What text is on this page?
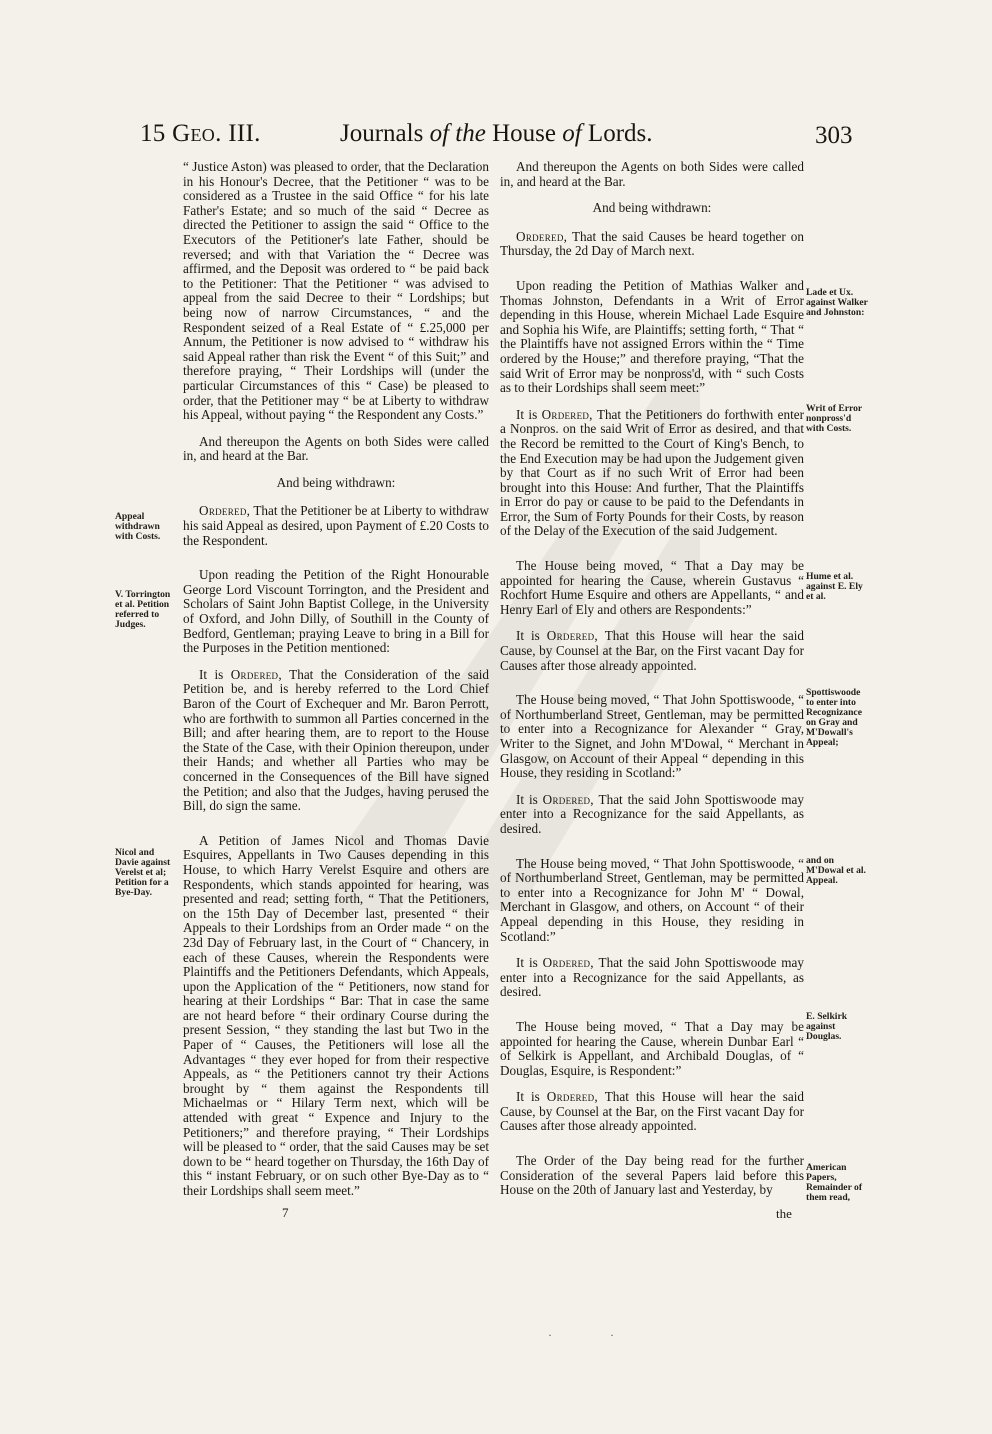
15 Geo. III.	Journals of the House of Lords.	303

“ Justice Aston) was pleased to order, that the Declaration in his Honour's Decree, that the Petitioner “ was to be considered as a Trustee in the said Office “ for his late Father's Estate; and so much of the said “ Decree as directed the Petitioner to assign the said “ Office to the Executors of the Petitioner's late Father, should be reversed; and with that Variation the “ Decree was affirmed, and the Deposit was ordered to “ be paid back to the Petitioner: That the Petitioner “ was advised to appeal from the said Decree to their “ Lordships; but being now of narrow Circumstances, “ and the Respondent seized of a Real Estate of “ £.25,000 per Annum, the Petitioner is now advised to “ withdraw his said Appeal rather than risk the Event “ of this Suit;” and therefore praying, “ Their Lordships will (under the particular Circumstances of this “ Case) be pleased to order, that the Petitioner may “ be at Liberty to withdraw his Appeal, without paying “ the Respondent any Costs.”

And thereupon the Agents on both Sides were called in, and heard at the Bar.

And being withdrawn:

Ordered, That the Petitioner be at Liberty to withdraw his said Appeal as desired, upon Payment of £.20 Costs to the Respondent.

Upon reading the Petition of the Right Honourable George Lord Viscount Torrington, and the President and Scholars of Saint John Baptist College, in the University of Oxford, and John Dilly, of Southill in the County of Bedford, Gentleman; praying Leave to bring in a Bill for the Purposes in the Petition mentioned:

It is Ordered, That the Consideration of the said Petition be, and is hereby referred to the Lord Chief Baron of the Court of Exchequer and Mr. Baron Perrott, who are forthwith to summon all Parties concerned in the Bill; and after hearing them, are to report to the House the State of the Case, with their Opinion thereupon, under their Hands; and whether all Parties who may be concerned in the Consequences of the Bill have signed the Petition; and also that the Judges, having perused the Bill, do sign the same.

A Petition of James Nicol and Thomas Davie Esquires, Appellants in Two Causes depending in this House, to which Harry Verelst Esquire and others are Respondents, which stands appointed for hearing, was presented and read; setting forth, “ That the Petitioners, on the 15th Day of December last, presented “ their Appeals to their Lordships from an Order made “ on the 23d Day of February last, in the Court of “ Chancery, in each of these Causes, wherein the Respondents were Plaintiffs and the Petitioners Defendants, which Appeals, upon the Application of the “ Petitioners, now stand for hearing at their Lordships “ Bar: That in case the same are not heard before “ their ordinary Course during the present Session, “ they standing the last but Two in the Paper of “ Causes, the Petitioners will lose all the Advantages “ they ever hoped for from their respective Appeals, as “ the Petitioners cannot try their Actions brought by “ them against the Respondents till Michaelmas or “ Hilary Term next, which will be attended with great “ Expence and Injury to the Petitioners;” and therefore praying, “ Their Lordships will be pleased to “ order, that the said Causes may be set down to be “ heard together on Thursday, the 16th Day of this “ instant February, or on such other Bye-Day as to “ their Lordships shall seem meet.”

7

And thereupon the Agents on both Sides were called in, and heard at the Bar.

And being withdrawn:

Ordered, That the said Causes be heard together on Thursday, the 2d Day of March next.

Upon reading the Petition of Mathias Walker and Thomas Johnston, Defendants in a Writ of Error depending in this House, wherein Michael Lade Esquire and Sophia his Wife, are Plaintiffs; setting forth, “ That “ the Plaintiffs have not assigned Errors within the “ Time ordered by the House;” and therefore praying, “That the said Writ of Error may be nonpross'd, with “ such Costs as to their Lordships shall seem meet:”

It is Ordered, That the Petitioners do forthwith enter a Nonpros. on the said Writ of Error as desired, and that the Record be remitted to the Court of King's Bench, to the End Execution may be had upon the Judgement given by that Court as if no such Writ of Error had been brought into this House: And further, That the Plaintiffs in Error do pay or cause to be paid to the Defendants in Error, the Sum of Forty Pounds for their Costs, by reason of the Delay of the Execution of the said Judgement.

The House being moved, “ That a Day may be appointed for hearing the Cause, wherein Gustavus “ Rochfort Hume Esquire and others are Appellants, “ and Henry Earl of Ely and others are Respondents:”

It is Ordered, That this House will hear the said Cause, by Counsel at the Bar, on the First vacant Day for Causes after those already appointed.

The House being moved, “ That John Spottiswoode, “ of Northumberland Street, Gentleman, may be permitted to enter into a Recognizance for Alexander “ Gray, Writer to the Signet, and John M'Dowal, “ Merchant in Glasgow, on Account of their Appeal “ depending in this House, they residing in Scotland:”

It is Ordered, That the said John Spottiswoode may enter into a Recognizance for the said Appellants, as desired.

The House being moved, “ That John Spottiswoode, “ of Northumberland Street, Gentleman, may be permitted to enter into a Recognizance for John M' “ Dowal, Merchant in Glasgow, and others, on Account “ of their Appeal depending in this House, they residing in Scotland:”

It is Ordered, That the said John Spottiswoode may enter into a Recognizance for the said Appellants, as desired.

The House being moved, “ That a Day may be appointed for hearing the Cause, wherein Dunbar Earl “ of Selkirk is Appellant, and Archibald Douglas, of “ Douglas, Esquire, is Respondent:”

It is Ordered, That this House will hear the said Cause, by Counsel at the Bar, on the First vacant Day for Causes after those already appointed.

The Order of the Day being read for the further Consideration of the several Papers laid before this House on the 20th of January last and Yesterday, by

the
Appeal withdrawn with Costs.
V. Torrington et al. Petition referred to Judges.
Nicol and Davie against Verelst et al; Petition for a Bye-Day.
Lade et Ux. against Walker and Johnston:
Writ of Error nonpross'd with Costs.
Hume et al. against E. Ely et al.
Spottiswoode to enter into Recognizance on Gray and M'Dowall's Appeal;
and on M'Dowal et al. Appeal.
E. Selkirk against Douglas.
American Papers, Remainder of them read,
·	·
